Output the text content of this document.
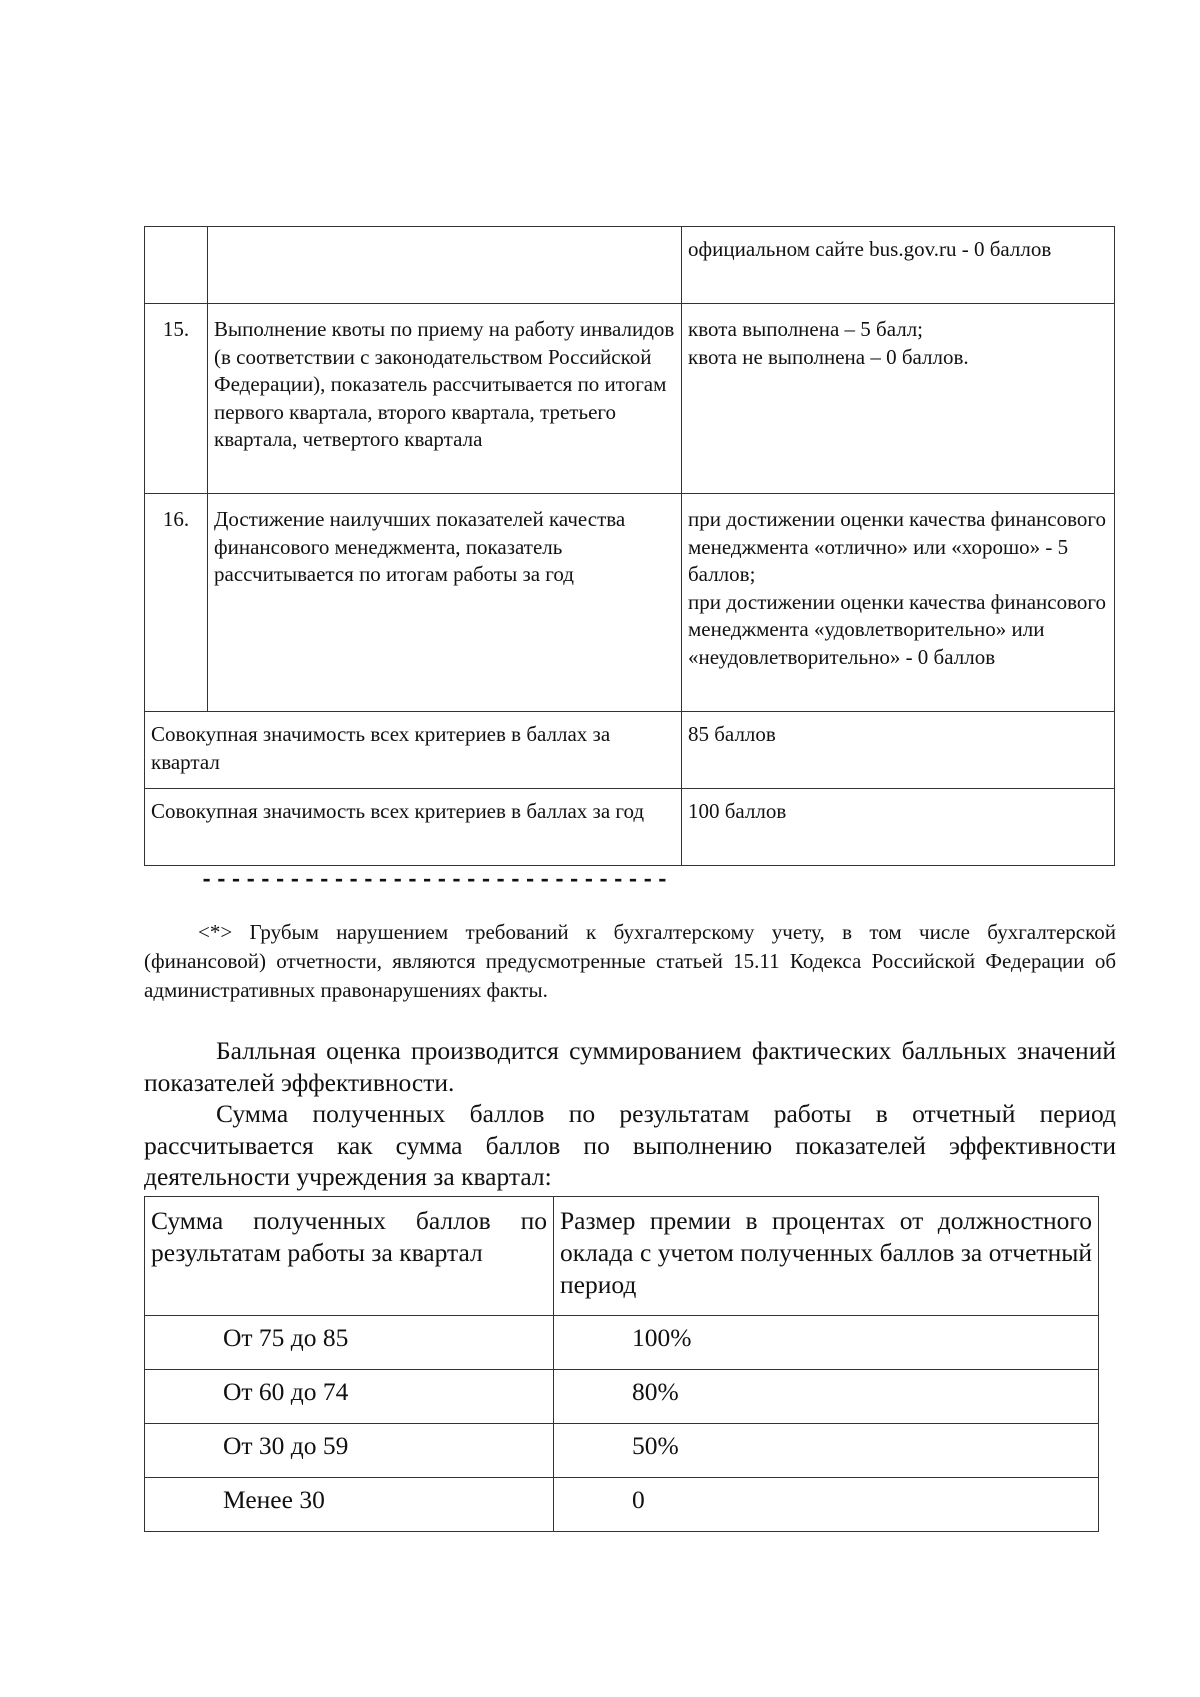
		официальном сайте bus.gov.ru - 0 баллов
15.	Выполнение квоты по приему на работу инвалидов (в соответствии с законодательством Российской Федерации), показатель рассчитывается по итогам первого квартала, второго квартала, третьего квартала, четвертого квартала	квота выполнена – 5 балл;
квота не выполнена – 0 баллов.
16.	Достижение наилучших показателей качества финансового менеджмента, показатель рассчитывается по итогам работы за год	при достижении оценки качества финансового менеджмента «отлично» или «хорошо» - 5 баллов;
при достижении оценки качества финансового менеджмента «удовлетворительно» или «неудовлетворительно» - 0 баллов
Совокупная значимость всех критериев в баллах за квартал		85 баллов
Совокупная значимость всех критериев в баллах за год		100 баллов
--------------------------------

<*> Грубым нарушением требований к бухгалтерскому учету, в том числе бухгалтерской (финансовой) отчетности, являются предусмотренные статьей 15.11 Кодекса Российской Федерации об административных правонарушениях факты.

Балльная оценка производится суммированием фактических балльных значений показателей эффективности.

Сумма полученных баллов по результатам работы в отчетный период рассчитывается как сумма баллов по выполнению показателей эффективности деятельности учреждения за квартал:

Сумма полученных баллов по результатам работы за квартал	Размер премии в процентах от должностного оклада с учетом полученных баллов за отчетный период
От 75 до 85	100%
От 60 до 74	80%
От 30 до 59	50%
Менее 30	0
